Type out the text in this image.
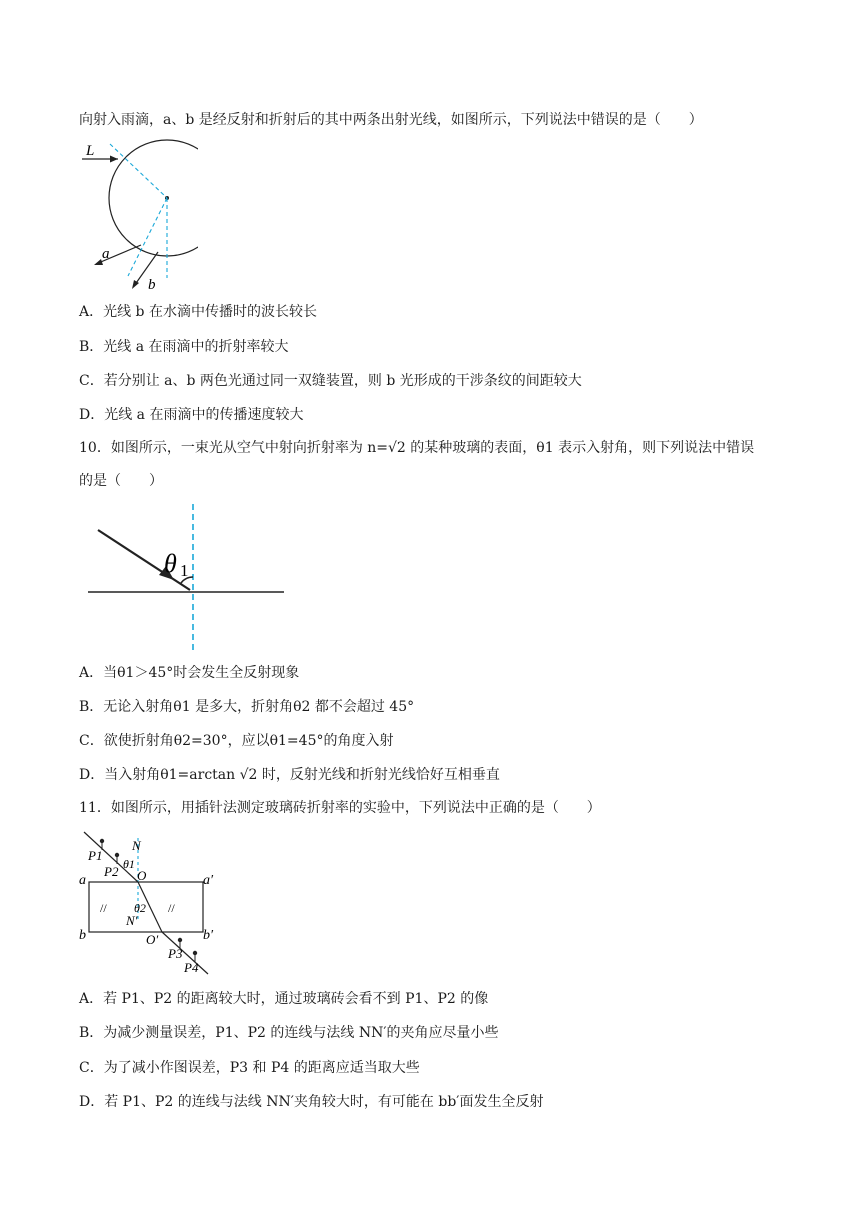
向射入雨滴，a、b 是经反射和折射后的其中两条出射光线，如图所示，下列说法中错误的是（　　）
L
a
b
A．光线 b 在水滴中传播时的波长较长
B．光线 a 在雨滴中的折射率较大
C．若分别让 a、b 两色光通过同一双缝装置，则 b 光形成的干涉条纹的间距较大
D．光线 a 在雨滴中的传播速度较大
10．如图所示，一束光从空气中射向折射率为 n=√2 的某种玻璃的表面，θ1 表示入射角，则下列说法中错误
的是（　　）
θ 1
A．当θ1＞45°时会发生全反射现象
B．无论入射角θ1 是多大，折射角θ2 都不会超过 45°
C．欲使折射角θ2=30°，应以θ1=45°的角度入射
D．当入射角θ1=arctan √2 时，反射光线和折射光线恰好互相垂直
11．如图所示，用插针法测定玻璃砖折射率的实验中，下列说法中正确的是（　　）
//	//
P1
P2
N
θ1
O
a	a′
θ2
N′
b	b′
O′
P3
P4
A．若 P1、P2 的距离较大时，通过玻璃砖会看不到 P1、P2 的像
B．为减少测量误差，P1、P2 的连线与法线 NN′的夹角应尽量小些
C．为了减小作图误差，P3 和 P4 的距离应适当取大些
D．若 P1、P2 的连线与法线 NN′夹角较大时，有可能在 bb′面发生全反射
